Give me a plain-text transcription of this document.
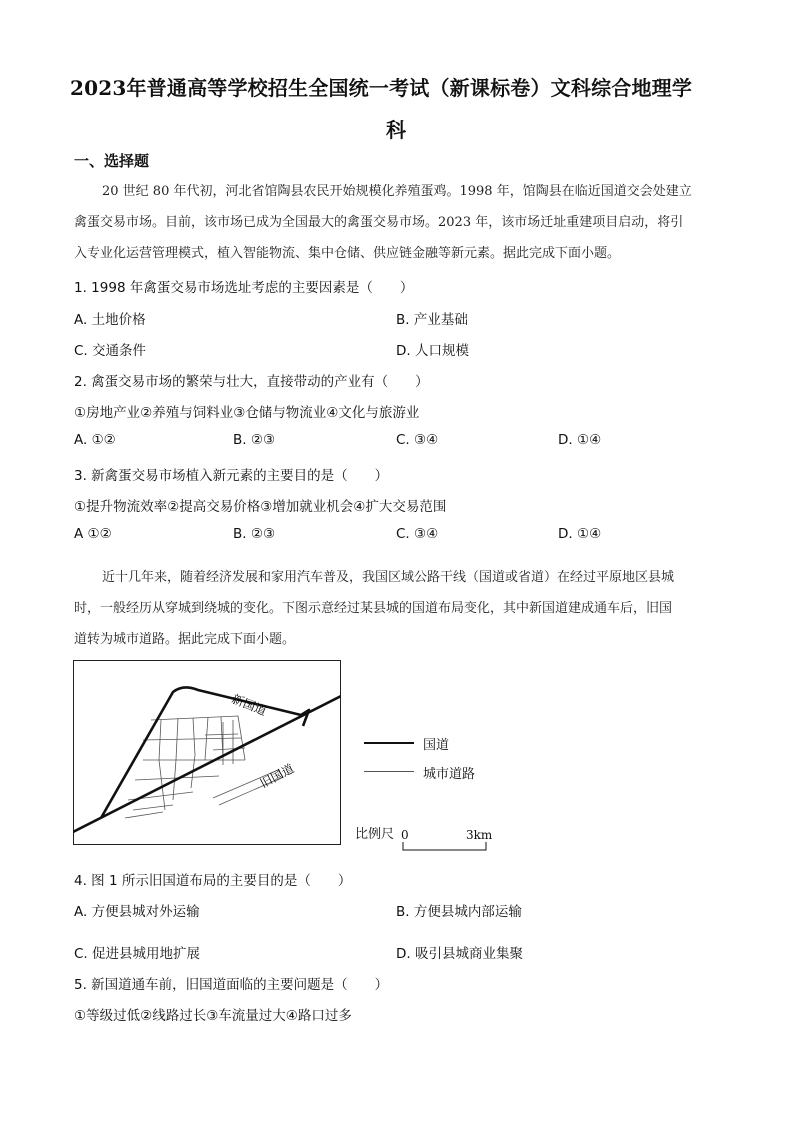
2023年普通高等学校招生全国统一考试（新课标卷）文科综合地理学
科
一、选择题
20 世纪 80 年代初，河北省馆陶县农民开始规模化养殖蛋鸡。1998 年，馆陶县在临近国道交会处建立
禽蛋交易市场。目前，该市场已成为全国最大的禽蛋交易市场。2023 年，该市场迁址重建项目启动，将引
入专业化运营管理模式，植入智能物流、集中仓储、供应链金融等新元素。据此完成下面小题。
1. 1998 年禽蛋交易市场选址考虑的主要因素是（　　）
A. 土地价格	B. 产业基础
C. 交通条件	D. 人口规模
2. 禽蛋交易市场的繁荣与壮大，直接带动的产业有（　　）
①房地产业②养殖与饲料业③仓储与物流业④文化与旅游业
A. ①②	B. ②③	C. ③④	D. ①④
3. 新禽蛋交易市场植入新元素的主要目的是（　　）
①提升物流效率②提高交易价格③增加就业机会④扩大交易范围
A ①②	B. ②③	C. ③④	D. ①④
近十几年来，随着经济发展和家用汽车普及，我国区域公路干线（国道或省道）在经过平原地区县城
时，一般经历从穿城到绕城的变化。下图示意经过某县城的国道布局变化，其中新国道建成通车后，旧国
道转为城市道路。据此完成下面小题。
新国道
旧国道
国道
城市道路
比例尺 0	3km
4. 图 1 所示旧国道布局的主要目的是（　　）
A. 方便县城对外运输	B. 方便县城内部运输
C. 促进县城用地扩展	D. 吸引县城商业集聚
5. 新国道通车前，旧国道面临的主要问题是（　　）
①等级过低②线路过长③车流量过大④路口过多
